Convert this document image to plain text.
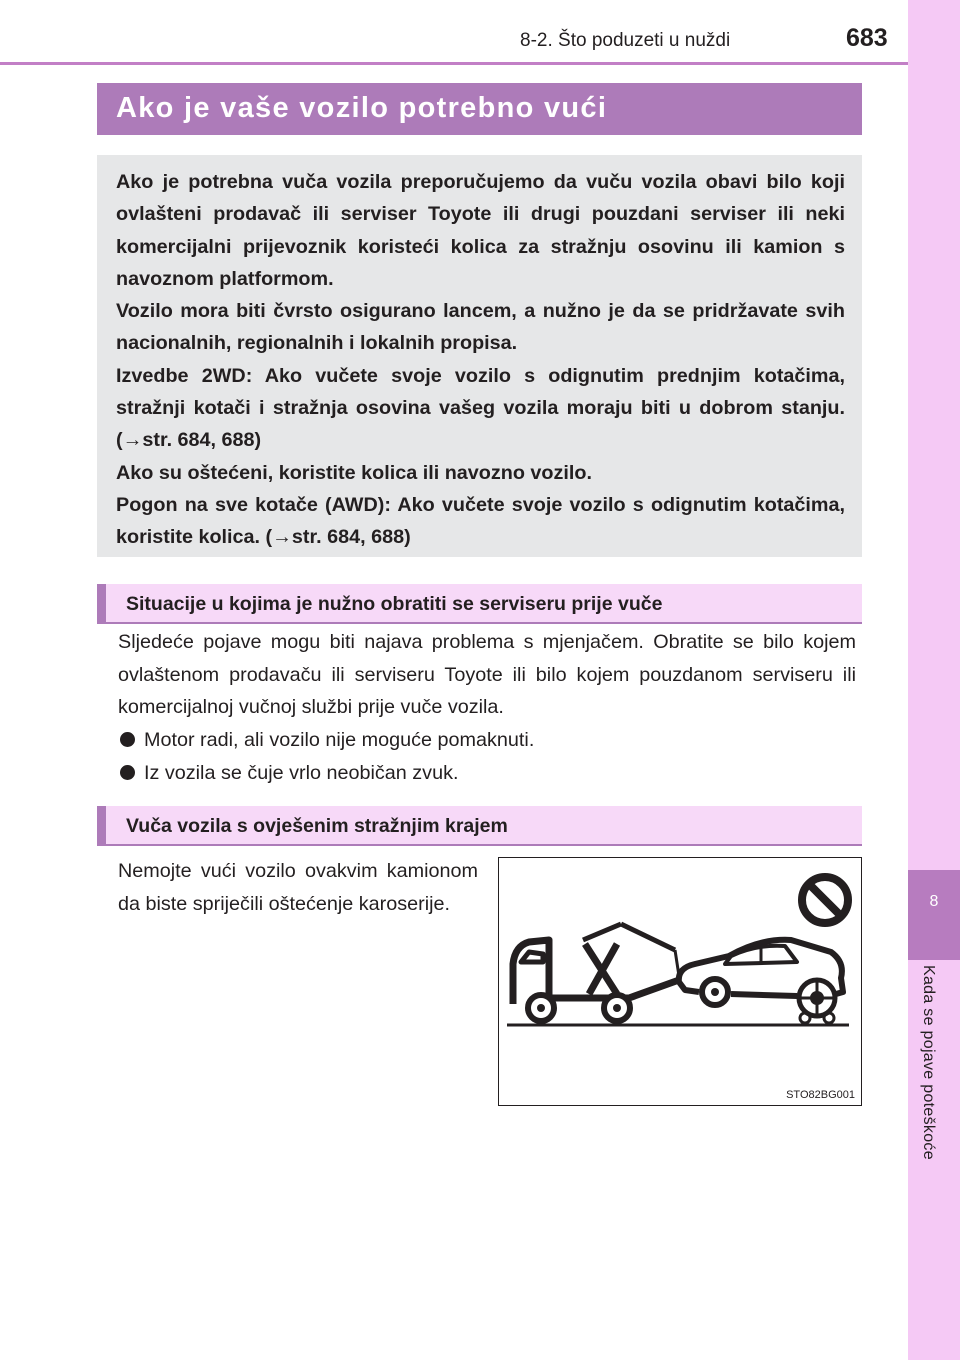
8
Kada se pojave poteškoće
8-2. Što poduzeti u nuždi	683
Ako je vaše vozilo potrebno vući

Ako je potrebna vuča vozila preporučujemo da vuču vozila obavi bilo koji ovlašteni prodavač ili serviser Toyote ili drugi pouzdani serviser ili neki komercijalni prijevoznik koristeći kolica za stražnju osovinu ili kamion s navoznom platformom.

Vozilo mora biti čvrsto osigurano lancem, a nužno je da se pridržavate svih nacionalnih, regionalnih i lokalnih propisa.

Izvedbe 2WD: Ako vučete svoje vozilo s odignutim prednjim kotačima, stražnji kotači i stražnja osovina vašeg vozila moraju biti u dobrom stanju. (→str. 684, 688)

Ako su oštećeni, koristite kolica ili navozno vozilo.

Pogon na sve kotače (AWD): Ako vučete svoje vozilo s odignutim kotačima, koristite kolica. (→str. 684, 688)

Situacije u kojima je nužno obratiti se serviseru prije vuče

Sljedeće pojave mogu biti najava problema s mjenjačem. Obratite se bilo kojem ovlaštenom prodavaču ili serviseru Toyote ili bilo kojem pouzdanom serviseru ili komercijalnoj vučnoj službi prije vuče vozila.

Motor radi, ali vozilo nije moguće pomaknuti.

Iz vozila se čuje vrlo neobičan zvuk.

Vuča vozila s ovješenim stražnjim krajem

Nemojte vući vozilo ovakvim kamionom da biste spriječili oštećenje karoserije.

STO82BG001
